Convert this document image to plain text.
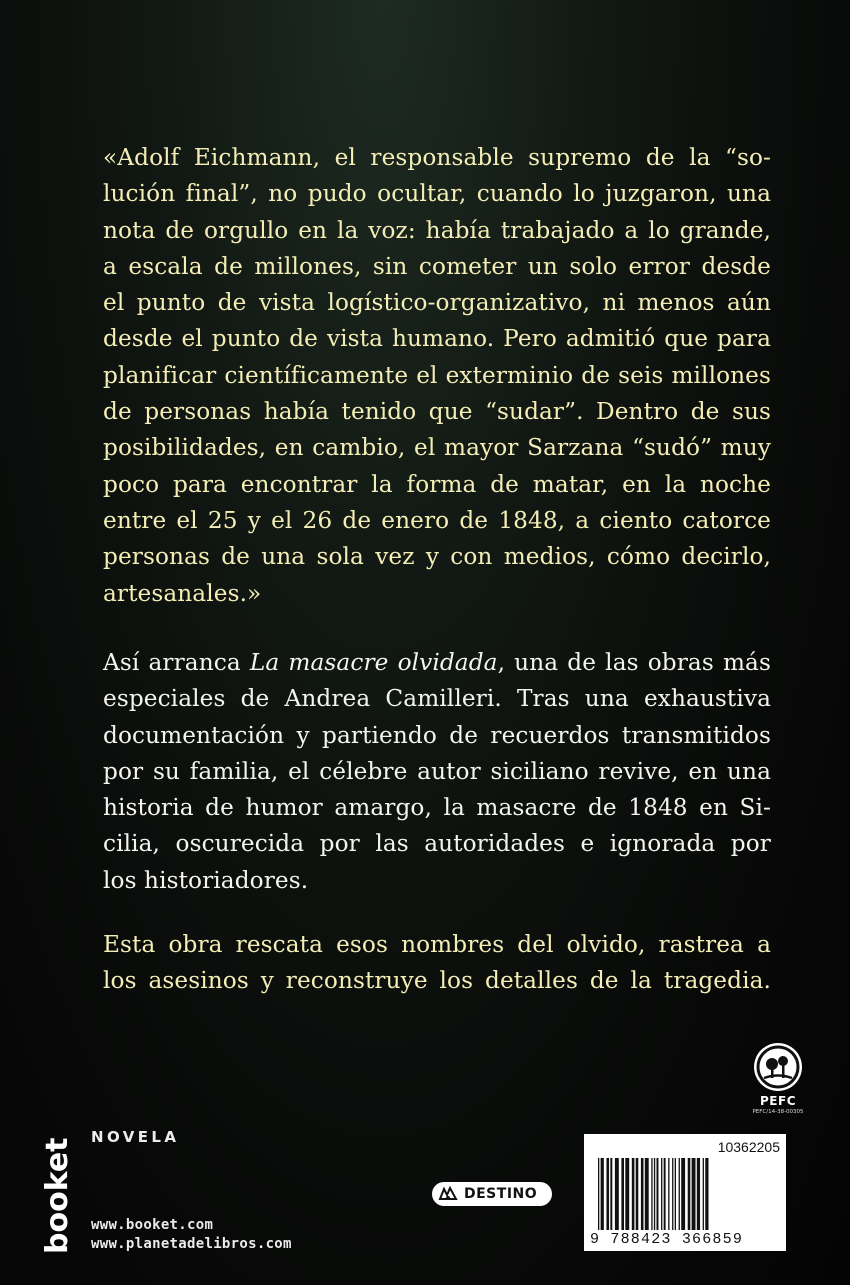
«Adolf Eichmann, el responsable supremo de la “so-
lución final”, no pudo ocultar, cuando lo juzgaron, una
nota de orgullo en la voz: había trabajado a lo grande,
a escala de millones, sin cometer un solo error desde
el punto de vista logístico-organizativo, ni menos aún
desde el punto de vista humano. Pero admitió que para
planificar científicamente el exterminio de seis millones
de personas había tenido que “sudar”. Dentro de sus
posibilidades, en cambio, el mayor Sarzana “sudó” muy
poco para encontrar la forma de matar, en la noche
entre el 25 y el 26 de enero de 1848, a ciento catorce
personas de una sola vez y con medios, cómo decirlo,
artesanales.»
Así arranca La masacre olvidada, una de las obras más
especiales de Andrea Camilleri. Tras una exhaustiva
documentación y partiendo de recuerdos transmitidos
por su familia, el célebre autor siciliano revive, en una
historia de humor amargo, la masacre de 1848 en Si-
cilia, oscurecida por las autoridades e ignorada por
los historiadores.
Esta obra rescata esos nombres del olvido, rastrea a
los asesinos y reconstruye los detalles de la tragedia.
booket
NOVELA
www.booket.com
www.planetadelibros.com
DESTINO
PEFC
PEFC/14-38-00305
10362205
9 788423 366859
